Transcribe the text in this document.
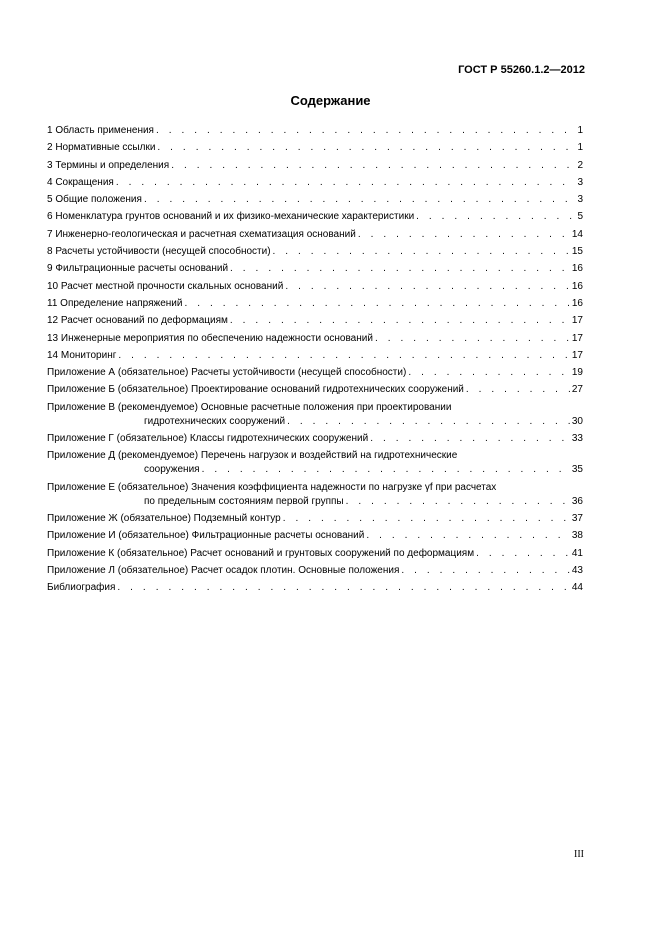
ГОСТ Р 55260.1.2—2012
Содержание
1 Область применения . . .	1
2 Нормативные ссылки . . .	1
3 Термины и определения . . .	2
4 Сокращения . . .	3
5 Общие положения . . .	3
6 Номенклатура грунтов оснований и их физико-механические характеристики . . .	5
7 Инженерно-геологическая и расчетная схематизация оснований . . .	14
8 Расчеты устойчивости (несущей способности) . . .	15
9 Фильтрационные расчеты оснований . . .	16
10 Расчет местной прочности скальных оснований . . .	16
11 Определение напряжений . . .	16
12 Расчет оснований по деформациям . . .	17
13 Инженерные мероприятия по обеспечению надежности оснований . . .	17
14 Мониторинг . . .	17
Приложение А (обязательное) Расчеты устойчивости (несущей способности) . . .	19
Приложение Б (обязательное) Проектирование оснований гидротехнических сооружений . . .	27
Приложение В (рекомендуемое) Основные расчетные положения при проектировании
гидротехнических сооружений . . .	30
Приложение Г (обязательное) Классы гидротехнических сооружений . . .	33
Приложение Д (рекомендуемое) Перечень нагрузок и воздействий на гидротехнические
сооружения . . .	35
Приложение Е (обязательное) Значения коэффициента надежности по нагрузке γf при расчетах
по предельным состояниям первой группы . . .	36
Приложение Ж (обязательное) Подземный контур . . .	37
Приложение И (обязательное) Фильтрационные расчеты оснований . . .	38
Приложение К (обязательное) Расчет оснований и грунтовых сооружений по деформациям . . .	41
Приложение Л (обязательное) Расчет осадок плотин. Основные положения . . .	43
Библиография . . .	44
III
